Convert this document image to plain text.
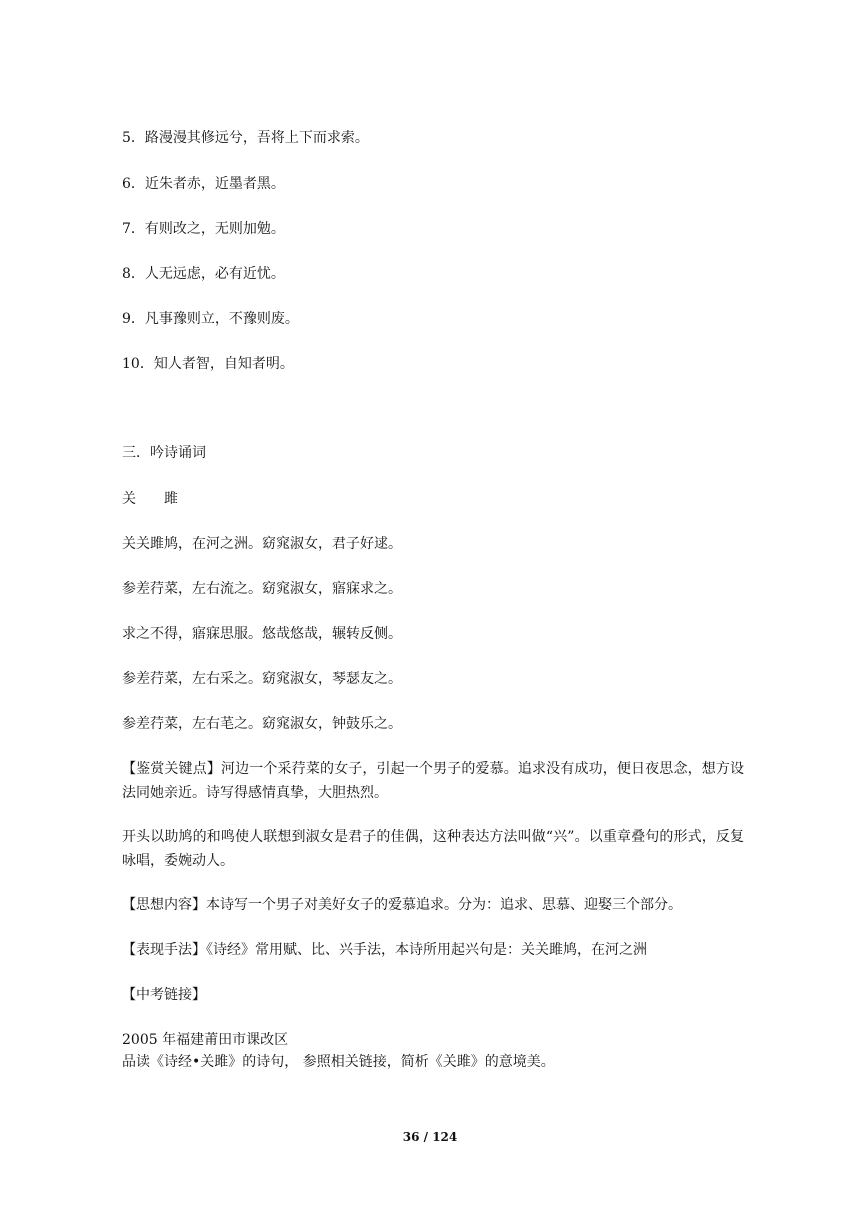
5．路漫漫其修远兮，吾将上下而求索。
6．近朱者赤，近墨者黑。
7．有则改之，无则加勉。
8．人无远虑，必有近忧。
9．凡事豫则立，不豫则废。
10．知人者智，自知者明。
三．吟诗诵词
关　　雎
关关雎鸠，在河之洲。窈窕淑女，君子好逑。
参差荇菜，左右流之。窈窕淑女，寤寐求之。
求之不得，寤寐思服。悠哉悠哉，辗转反侧。
参差荇菜，左右采之。窈窕淑女，琴瑟友之。
参差荇菜，左右芼之。窈窕淑女，钟鼓乐之。
【鉴赏关键点】河边一个采荇菜的女子，引起一个男子的爱慕。追求没有成功，便日夜思念，想方设法同她亲近。诗写得感情真挚，大胆热烈。
开头以助鸠的和鸣使人联想到淑女是君子的佳偶，这种表达方法叫做“兴”。以重章叠句的形式，反复咏唱，委婉动人。
【思想内容】本诗写一个男子对美好女子的爱慕追求。分为：追求、思慕、迎娶三个部分。
【表现手法】《诗经》常用赋、比、兴手法，本诗所用起兴句是：关关雎鸠，在河之洲
【中考链接】
2005 年福建莆田市课改区
品读《诗经•关雎》的诗句， 参照相关链接，简析《关雎》的意境美。
36 / 124
